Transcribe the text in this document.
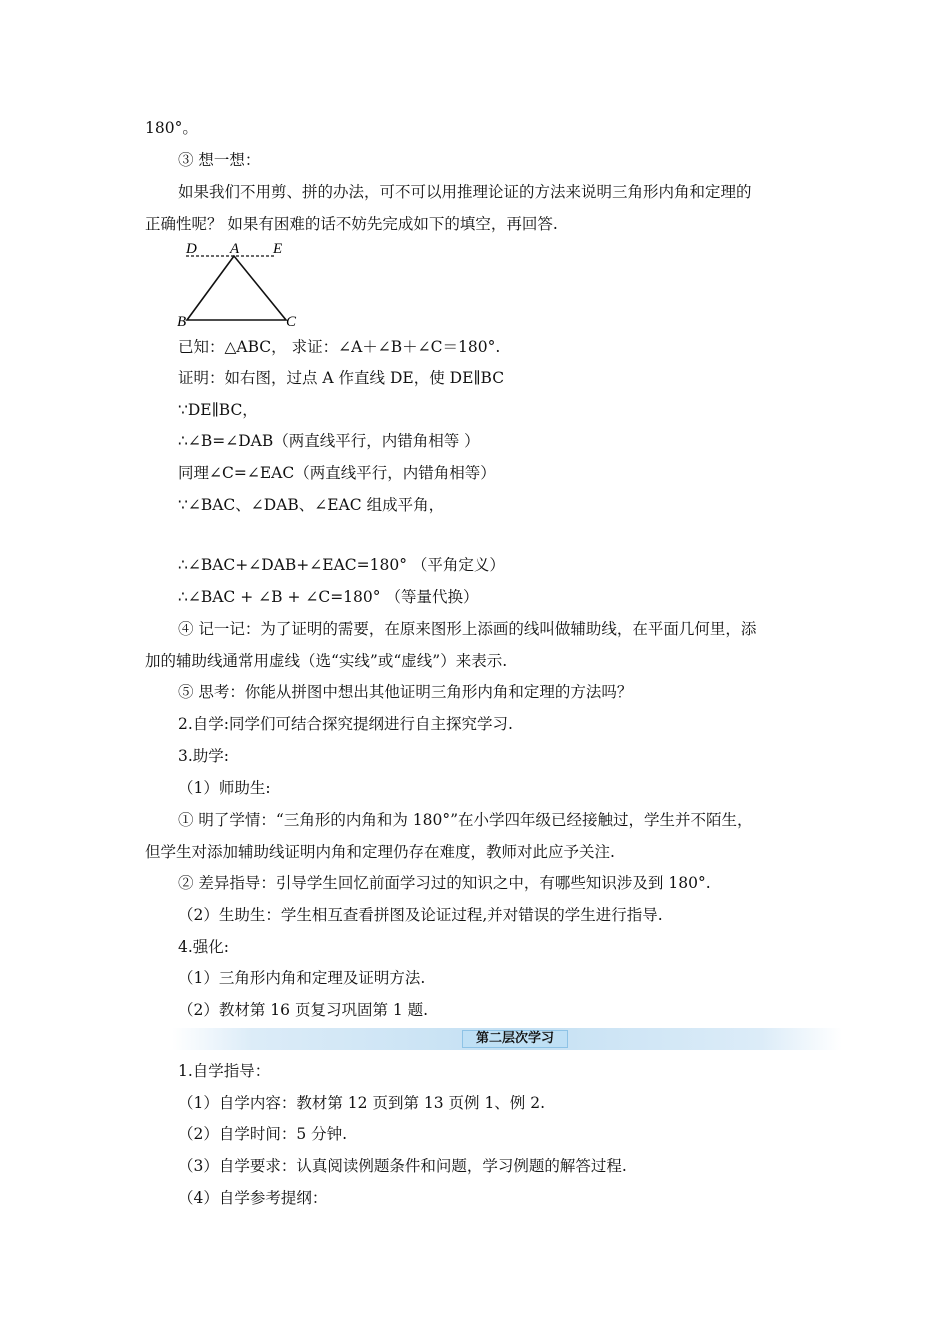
180°。
③ 想一想：
如果我们不用剪、拼的办法，可不可以用推理论证的方法来说明三角形内角和定理的
正确性呢？ 如果有困难的话不妨先完成如下的填空，再回答.
D A E
B	C
已知：△ABC， 求证：∠A＋∠B＋∠C＝180°.
证明：如右图，过点 A 作直线 DE，使 DE∥BC
∵DE∥BC，
∴∠B=∠DAB（两直线平行，内错角相等 ）
同理∠C=∠EAC（两直线平行，内错角相等）
∵∠BAC、∠DAB、∠EAC 组成平角，
∴∠BAC+∠DAB+∠EAC=180° （平角定义）
∴∠BAC + ∠B + ∠C=180° （等量代换）
④ 记一记：为了证明的需要，在原来图形上添画的线叫做辅助线，在平面几何里，添
加的辅助线通常用虚线（选“实线”或“虚线”）来表示.
⑤ 思考：你能从拼图中想出其他证明三角形内角和定理的方法吗？
2.自学:同学们可结合探究提纲进行自主探究学习.
3.助学:
（1）师助生:
① 明了学情：“三角形的内角和为 180°”在小学四年级已经接触过，学生并不陌生，
但学生对添加辅助线证明内角和定理仍存在难度，教师对此应予关注.
② 差异指导：引导学生回忆前面学习过的知识之中，有哪些知识涉及到 180°.
（2）生助生：学生相互查看拼图及论证过程,并对错误的学生进行指导.
4.强化:
（1）三角形内角和定理及证明方法.
（2）教材第 16 页复习巩固第 1 题.
第二层次学习
1.自学指导：
（1）自学内容：教材第 12 页到第 13 页例 1、例 2.
（2）自学时间：5 分钟.
（3）自学要求：认真阅读例题条件和问题，学习例题的解答过程.
（4）自学参考提纲：
